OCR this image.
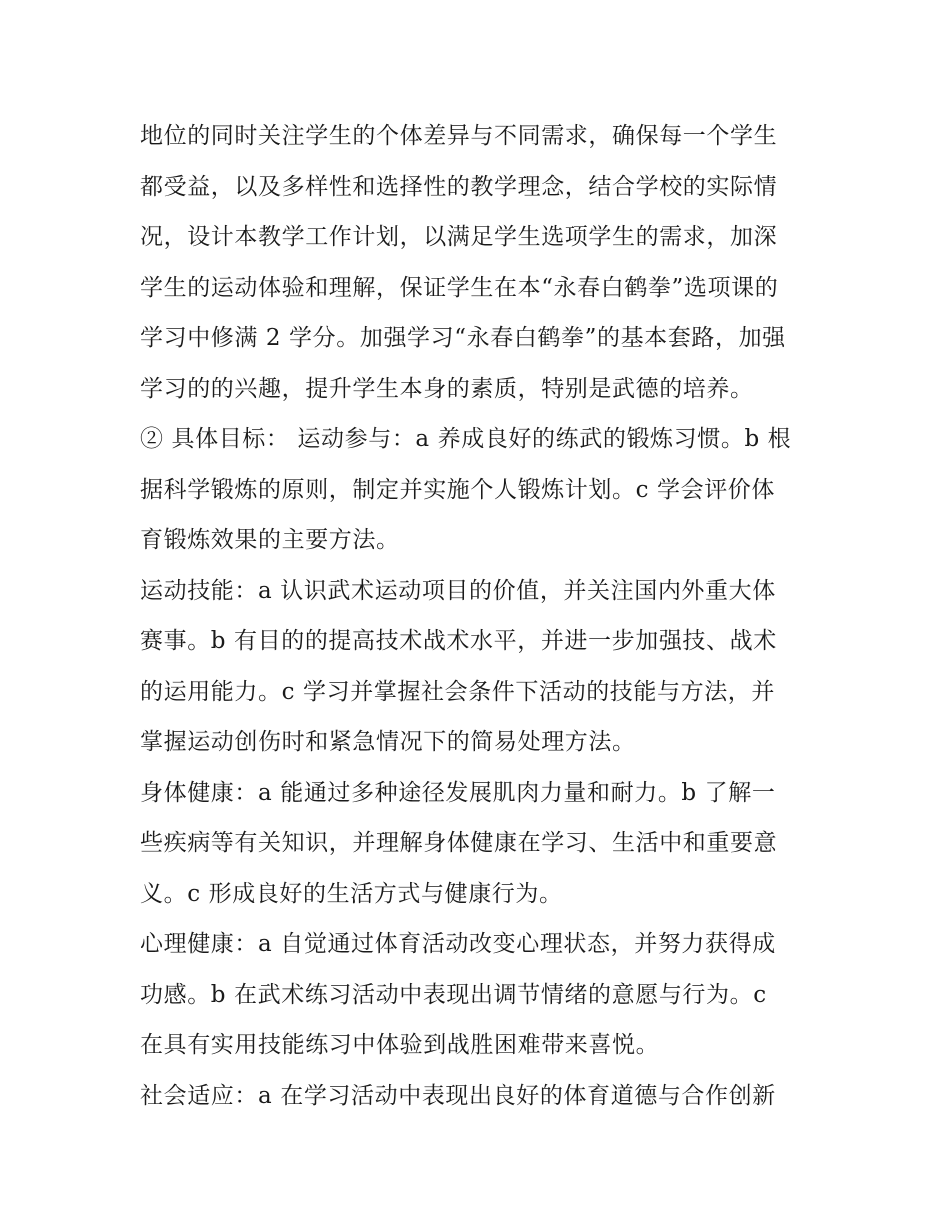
地位的同时关注学生的个体差异与不同需求，确保每一个学生
都受益，以及多样性和选择性的教学理念，结合学校的实际情
况，设计本教学工作计划，以满足学生选项学生的需求，加深
学生的运动体验和理解，保证学生在本“永春白鹤拳”选项课的
学习中修满 2 学分。加强学习“永春白鹤拳”的基本套路，加强
学习的的兴趣，提升学生本身的素质，特别是武德的培养。

② 具体目标： 运动参与：a 养成良好的练武的锻炼习惯。b 根
据科学锻炼的原则，制定并实施个人锻炼计划。c 学会评价体
育锻炼效果的主要方法。

运动技能：a 认识武术运动项目的价值，并关注国内外重大体
赛事。b 有目的的提高技术战术水平，并进一步加强技、战术
的运用能力。c 学习并掌握社会条件下活动的技能与方法，并
掌握运动创伤时和紧急情况下的简易处理方法。

身体健康：a 能通过多种途径发展肌肉力量和耐力。b 了解一
些疾病等有关知识，并理解身体健康在学习、生活中和重要意
义。c 形成良好的生活方式与健康行为。

心理健康：a 自觉通过体育活动改变心理状态，并努力获得成
功感。b 在武术练习活动中表现出调节情绪的意愿与行为。c
在具有实用技能练习中体验到战胜困难带来喜悦。

社会适应：a 在学习活动中表现出良好的体育道德与合作创新
